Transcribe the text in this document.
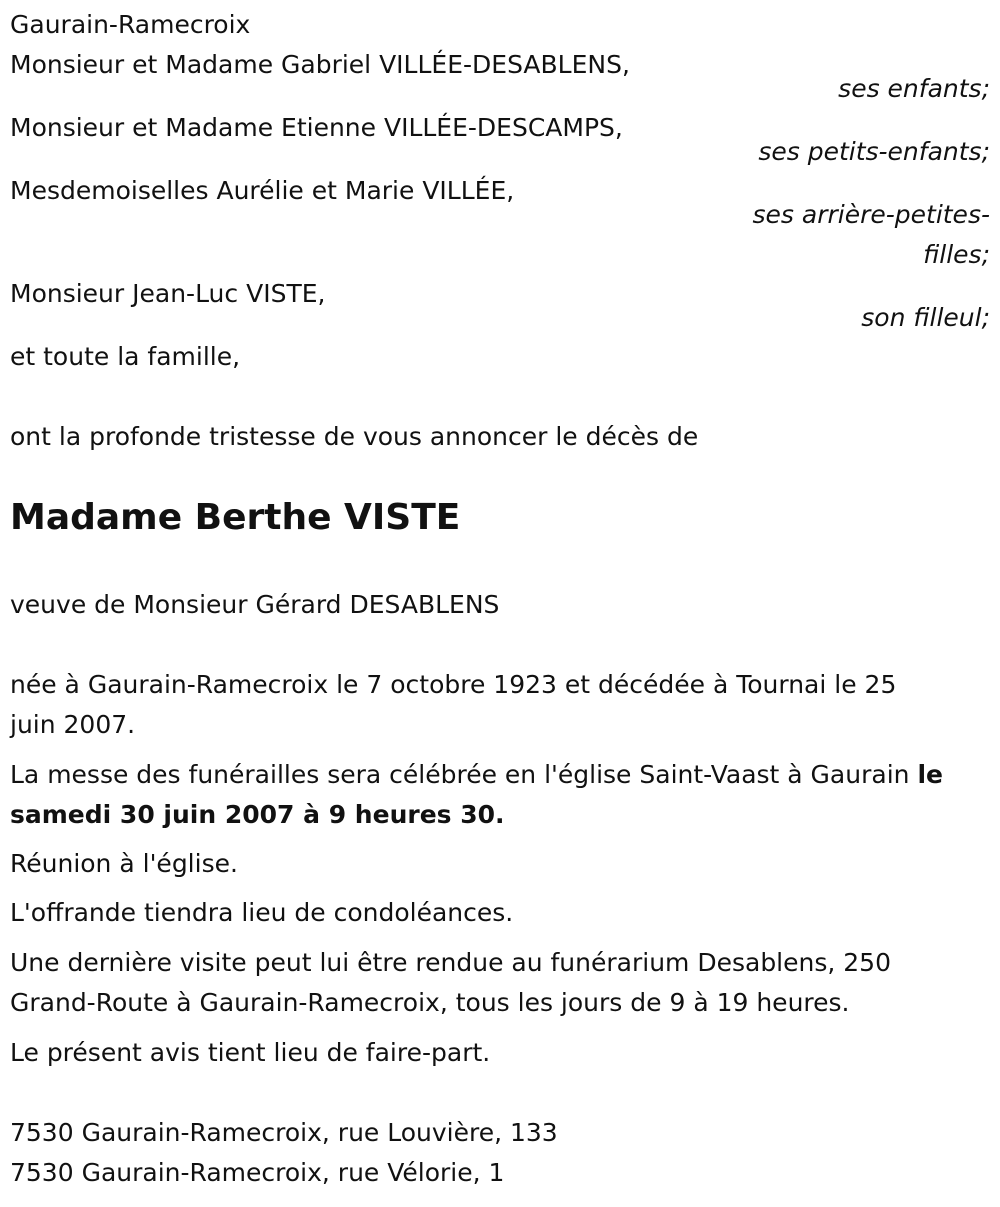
Gaurain-Ramecroix
Monsieur et Madame Gabriel VILLÉE-DESABLENS,
ses enfants;
Monsieur et Madame Etienne VILLÉE-DESCAMPS,
ses petits-enfants;
Mesdemoiselles Aurélie et Marie VILLÉE,
ses arrière-petites-
filles;
Monsieur Jean-Luc VISTE,
son filleul;
et toute la famille,
ont la profonde tristesse de vous annoncer le décès de
Madame Berthe VISTE
veuve de Monsieur Gérard DESABLENS
née à Gaurain-Ramecroix le 7 octobre 1923 et décédée à Tournai le 25
juin 2007.
La messe des funérailles sera célébrée en l'église Saint-Vaast à Gaurain le
samedi 30 juin 2007 à 9 heures 30.
Réunion à l'église.
L'offrande tiendra lieu de condoléances.
Une dernière visite peut lui être rendue au funérarium Desablens, 250
Grand-Route à Gaurain-Ramecroix, tous les jours de 9 à 19 heures.
Le présent avis tient lieu de faire-part.
7530 Gaurain-Ramecroix, rue Louvière, 133
7530 Gaurain-Ramecroix, rue Vélorie, 1
